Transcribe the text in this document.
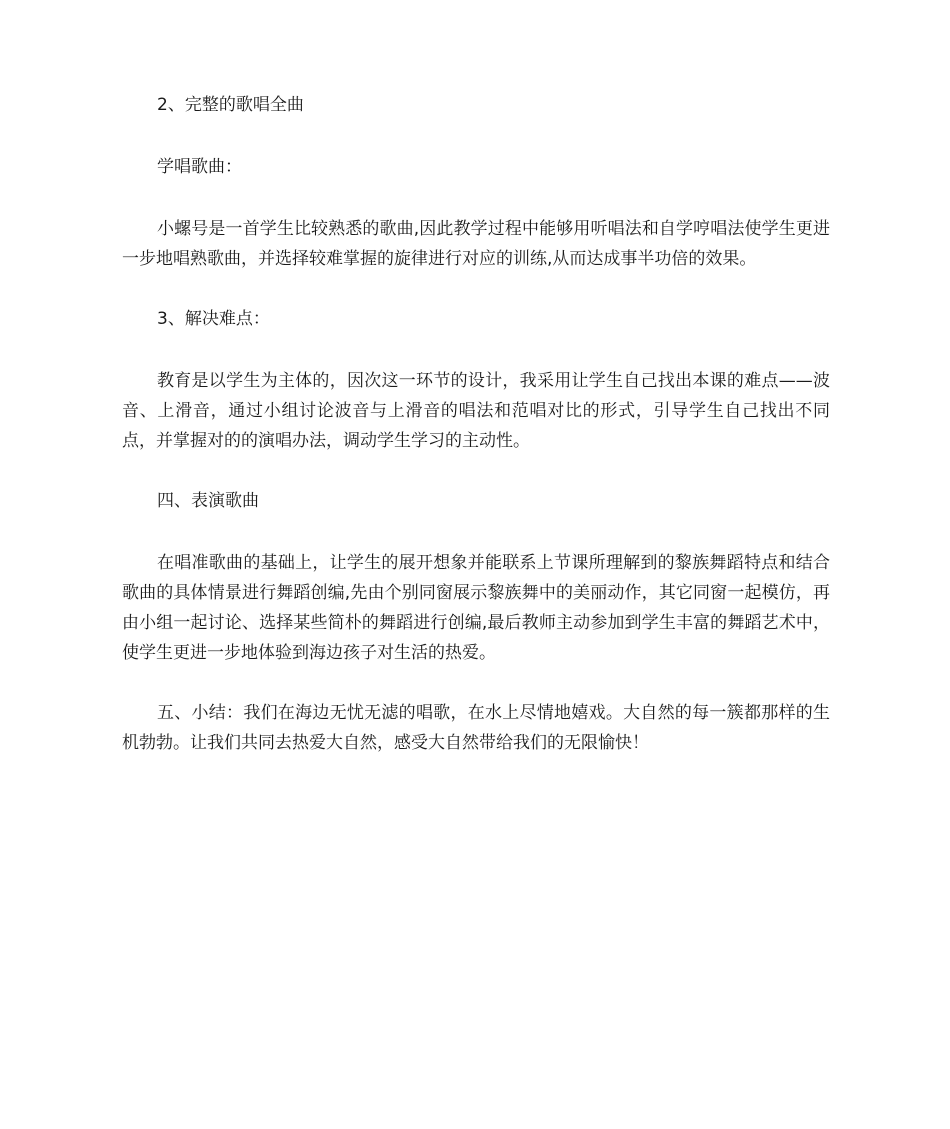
2、完整的歌唱全曲

学唱歌曲：

小螺号是一首学生比较熟悉的歌曲,因此教学过程中能够用听唱法和自学哼唱法使学生更进一步地唱熟歌曲，并选择较难掌握的旋律进行对应的训练,从而达成事半功倍的效果。

3、解决难点：

教育是以学生为主体的，因次这一环节的设计，我采用让学生自己找出本课的难点——波音、上滑音，通过小组讨论波音与上滑音的唱法和范唱对比的形式，引导学生自己找出不同点，并掌握对的的演唱办法，调动学生学习的主动性。

四、表演歌曲

在唱准歌曲的基础上，让学生的展开想象并能联系上节课所理解到的黎族舞蹈特点和结合歌曲的具体情景进行舞蹈创编,先由个别同窗展示黎族舞中的美丽动作，其它同窗一起模仿，再由小组一起讨论、选择某些简朴的舞蹈进行创编,最后教师主动参加到学生丰富的舞蹈艺术中，使学生更进一步地体验到海边孩子对生活的热爱。

五、小结：我们在海边无忧无滤的唱歌，在水上尽情地嬉戏。大自然的每一簇都那样的生机勃勃。让我们共同去热爱大自然，感受大自然带给我们的无限愉快！
